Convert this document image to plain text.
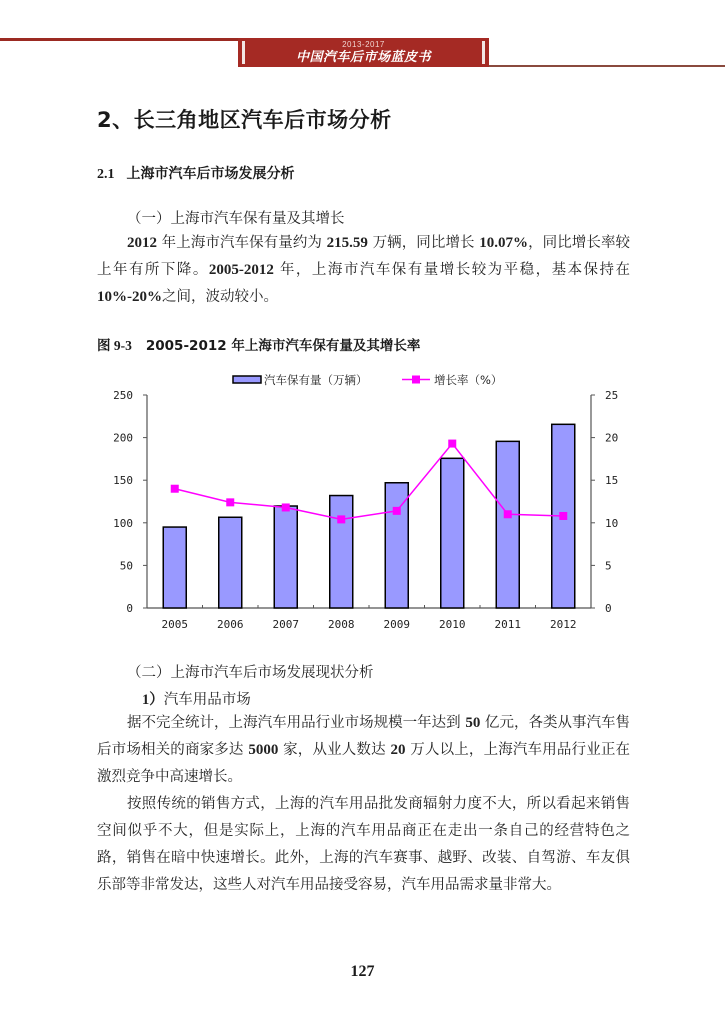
2013-2017
中国汽车后市场蓝皮书
2、长三角地区汽车后市场分析
2.1 上海市汽车后市场发展分析
（一）上海市汽车保有量及其增长
2012 年上海市汽车保有量约为 215.59 万辆，同比增长 10.07%，同比增长率较上年有所下降。2005-2012 年，上海市汽车保有量增长较为平稳，基本保持在 10%-20%之间，波动较小。
图 9-3 2005-2012 年上海市汽车保有量及其增长率
0
50
100
150
200
250
0
5
10
15
20
25
2005	2006	2007	2008	2009	2010	2011	2012
汽车保有量（万辆）	增长率（%）
（二）上海市汽车后市场发展现状分析
1）汽车用品市场
据不完全统计，上海汽车用品行业市场规模一年达到 50 亿元，各类从事汽车售后市场相关的商家多达 5000 家，从业人数达 20 万人以上，上海汽车用品行业正在激烈竞争中高速增长。
按照传统的销售方式，上海的汽车用品批发商辐射力度不大，所以看起来销售空间似乎不大，但是实际上，上海的汽车用品商正在走出一条自己的经营特色之路，销售在暗中快速增长。此外，上海的汽车赛事、越野、改装、自驾游、车友俱乐部等非常发达，这些人对汽车用品接受容易，汽车用品需求量非常大。
127
